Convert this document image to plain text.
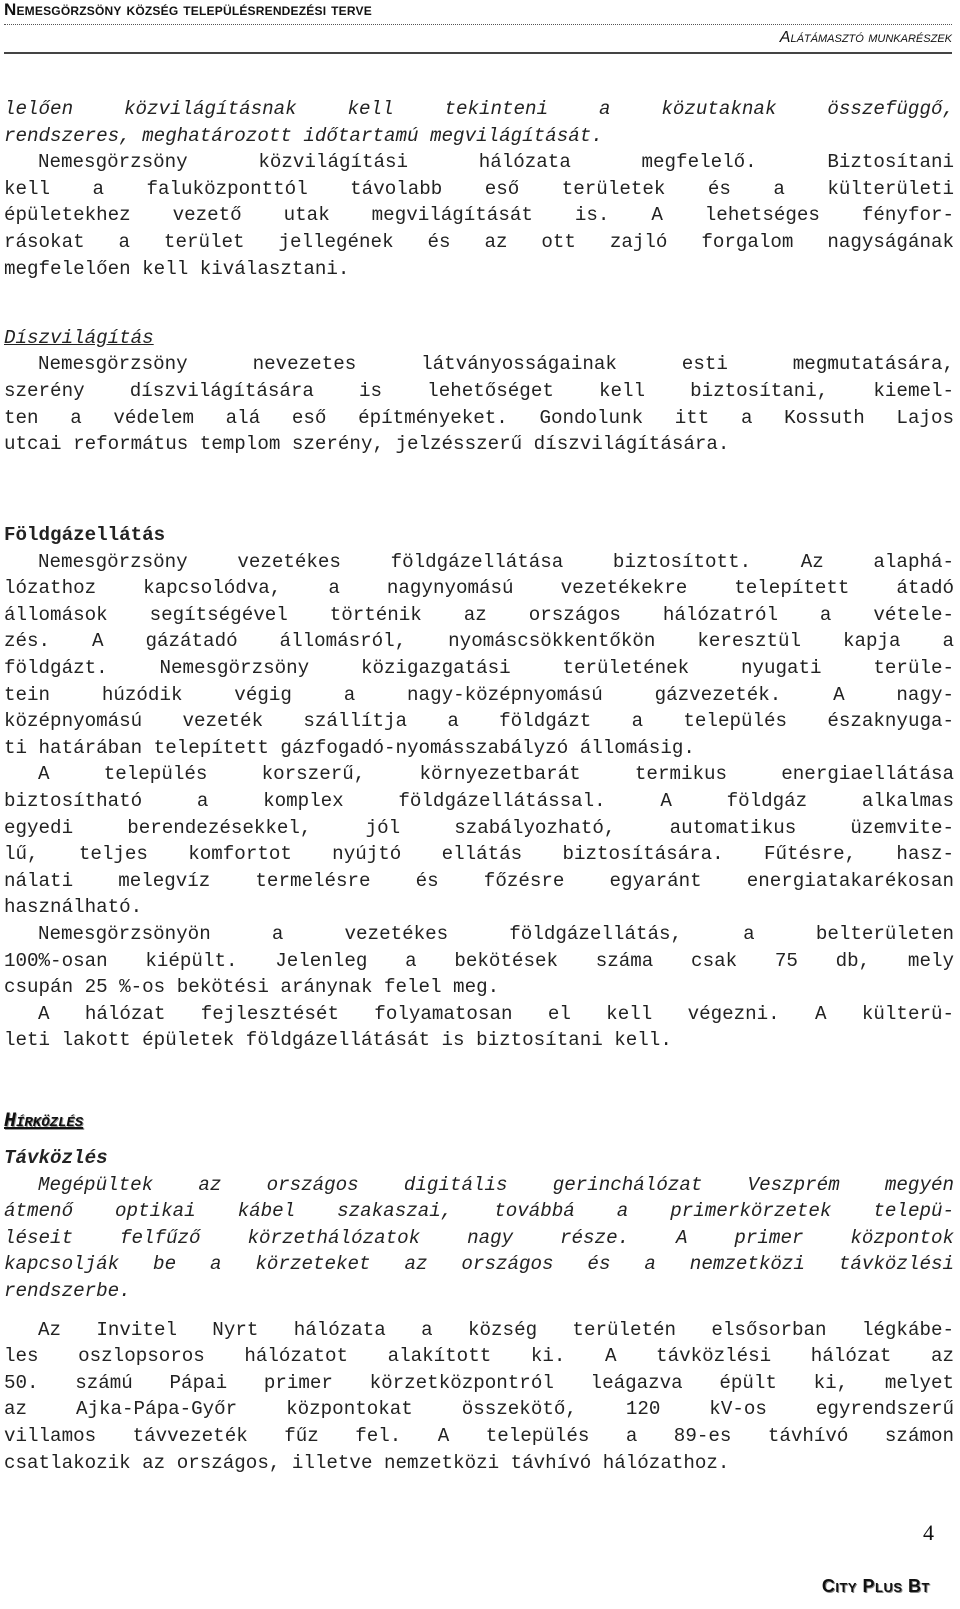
Nemesgörzsöny község településrendezési terve
Alátámasztó munkarészek
lelően közvilágításnak kell tekinteni a közutaknak összefüggő,
rendszeres, meghatározott időtartamú megvilágítását.
Nemesgörzsöny közvilágítási hálózata megfelelő. Biztosítani
kell a faluközponttól távolabb eső területek és a külterületi
épületekhez vezető utak megvilágítását is. A lehetséges fényfor-
rásokat a terület jellegének és az ott zajló forgalom nagyságának
megfelelően kell kiválasztani.
Díszvilágítás
Nemesgörzsöny nevezetes látványosságainak esti megmutatására,
szerény díszvilágítására is lehetőséget kell biztosítani, kiemel-
ten a védelem alá eső építményeket. Gondolunk itt a Kossuth Lajos
utcai református templom szerény, jelzésszerű díszvilágítására.
Földgázellátás
Nemesgörzsöny vezetékes földgázellátása biztosított. Az alaphá-
lózathoz kapcsolódva, a nagynyomású vezetékekre telepített átadó
állomások segítségével történik az országos hálózatról a vétele-
zés. A gázátadó állomásról, nyomáscsökkentőkön keresztül kapja a
földgázt. Nemesgörzsöny közigazgatási területének nyugati terüle-
tein húzódik végig a nagy-középnyomású gázvezeték. A nagy-
középnyomású vezeték szállítja a földgázt a település északnyuga-
ti határában telepített gázfogadó-nyomásszabályzó állomásig.
A település korszerű, környezetbarát termikus energiaellátása
biztosítható a komplex földgázellátással. A földgáz alkalmas
egyedi berendezésekkel, jól szabályozható, automatikus üzemvite-
lű, teljes komfortot nyújtó ellátás biztosítására. Fűtésre, hasz-
nálati melegvíz termelésre és főzésre egyaránt energiatakarékosan
használható.
Nemesgörzsönyön a vezetékes földgázellátás, a belterületen
100%-osan kiépült. Jelenleg a bekötések száma csak 75 db, mely
csupán 25 %-os bekötési aránynak felel meg.
A hálózat fejlesztését folyamatosan el kell végezni. A külterü-
leti lakott épületek földgázellátását is biztosítani kell.
Hírközlés
Távközlés
Megépültek az országos digitális gerinchálózat Veszprém megyén
átmenő optikai kábel szakaszai, továbbá a primerkörzetek telepü-
léseit felfűző körzethálózatok nagy része. A primer központok
kapcsolják be a körzeteket az országos és a nemzetközi távközlési
rendszerbe.
Az Invitel Nyrt hálózata a község területén elsősorban légkábe-
les oszlopsoros hálózatot alakított ki. A távközlési hálózat az
50. számú Pápai primer körzetközpontról leágazva épült ki, melyet
az Ajka-Pápa-Győr központokat összekötő, 120 kV-os egyrendszerű
villamos távvezeték fűz fel. A település a 89-es távhívó számon
csatlakozik az országos, illetve nemzetközi távhívó hálózathoz.
4
City Plus Bt
